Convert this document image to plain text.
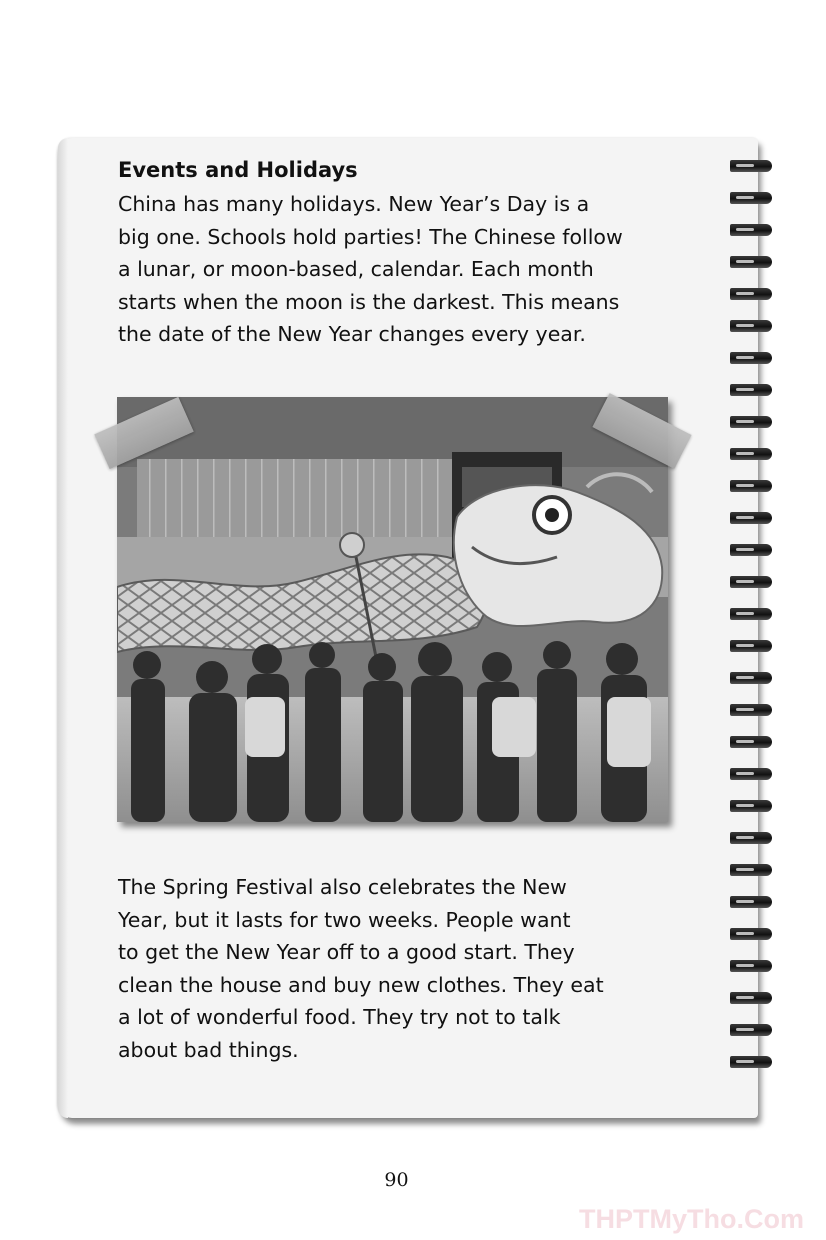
Events and Holidays

China has many holidays. New Year’s Day is a
big one. Schools hold parties! The Chinese follow
a lunar, or moon-based, calendar. Each month
starts when the moon is the darkest. This means
the date of the New Year changes every year.

The Spring Festival also celebrates the New
Year, but it lasts for two weeks. People want
to get the New Year off to a good start. They
clean the house and buy new clothes. They eat
a lot of wonderful food. They try not to talk
about bad things.

90
THPTMyTho.Com
